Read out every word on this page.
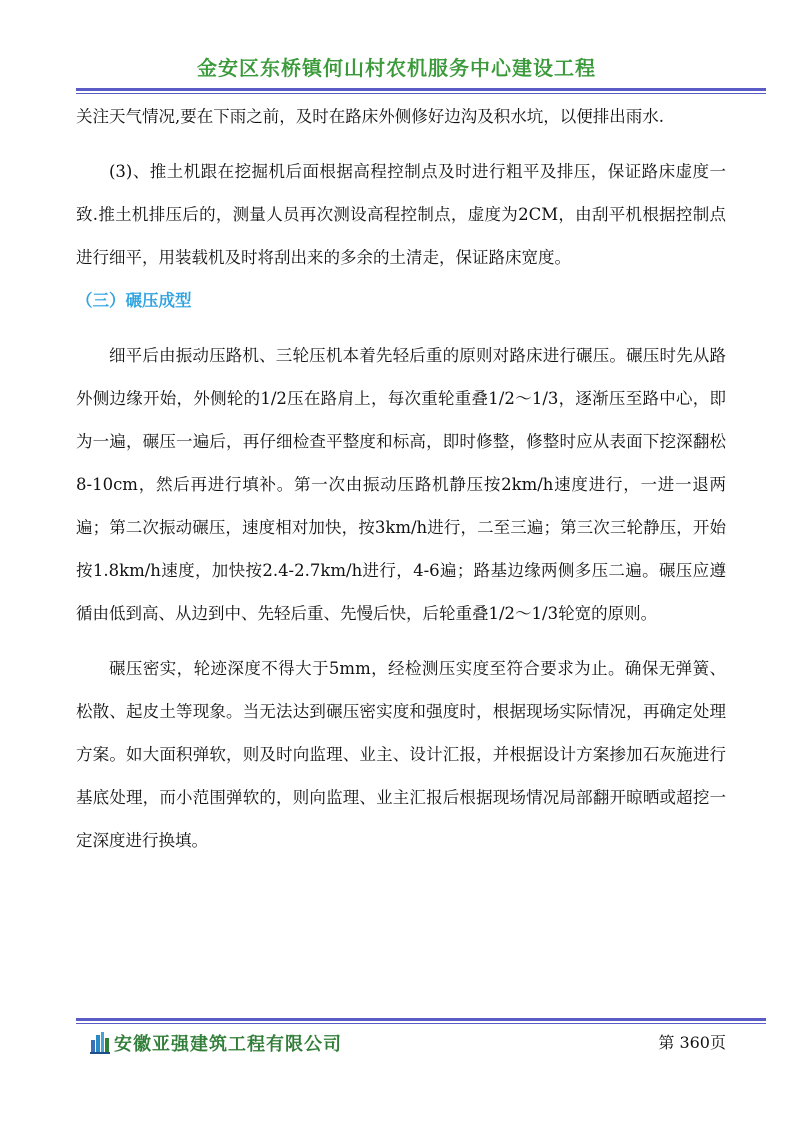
金安区东桥镇何山村农机服务中心建设工程

关注天气情况,要在下雨之前，及时在路床外侧修好边沟及积水坑，以便排出雨水.

(3)、推土机跟在挖掘机后面根据高程控制点及时进行粗平及排压，保证路床虚度一致.推土机排压后的，测量人员再次测设高程控制点，虚度为2CM，由刮平机根据控制点进行细平，用装载机及时将刮出来的多余的土清走，保证路床宽度。

（三）碾压成型

细平后由振动压路机、三轮压机本着先轻后重的原则对路床进行碾压。碾压时先从路外侧边缘开始，外侧轮的1/2压在路肩上，每次重轮重叠1/2～1/3，逐渐压至路中心，即为一遍，碾压一遍后，再仔细检查平整度和标高，即时修整，修整时应从表面下挖深翻松8-10cm，然后再进行填补。第一次由振动压路机静压按2km/h速度进行，一进一退两遍；第二次振动碾压，速度相对加快，按3km/h进行，二至三遍；第三次三轮静压，开始按1.8km/h速度，加快按2.4-2.7km/h进行，4-6遍；路基边缘两侧多压二遍。碾压应遵循由低到高、从边到中、先轻后重、先慢后快，后轮重叠1/2～1/3轮宽的原则。

碾压密实，轮迹深度不得大于5mm，经检测压实度至符合要求为止。确保无弹簧、松散、起皮土等现象。当无法达到碾压密实度和强度时，根据现场实际情况，再确定处理方案。如大面积弹软，则及时向监理、业主、设计汇报，并根据设计方案掺加石灰施进行基底处理，而小范围弹软的，则向监理、业主汇报后根据现场情况局部翻开晾晒或超挖一定深度进行换填。

安徽亚强建筑工程有限公司	第 360页
